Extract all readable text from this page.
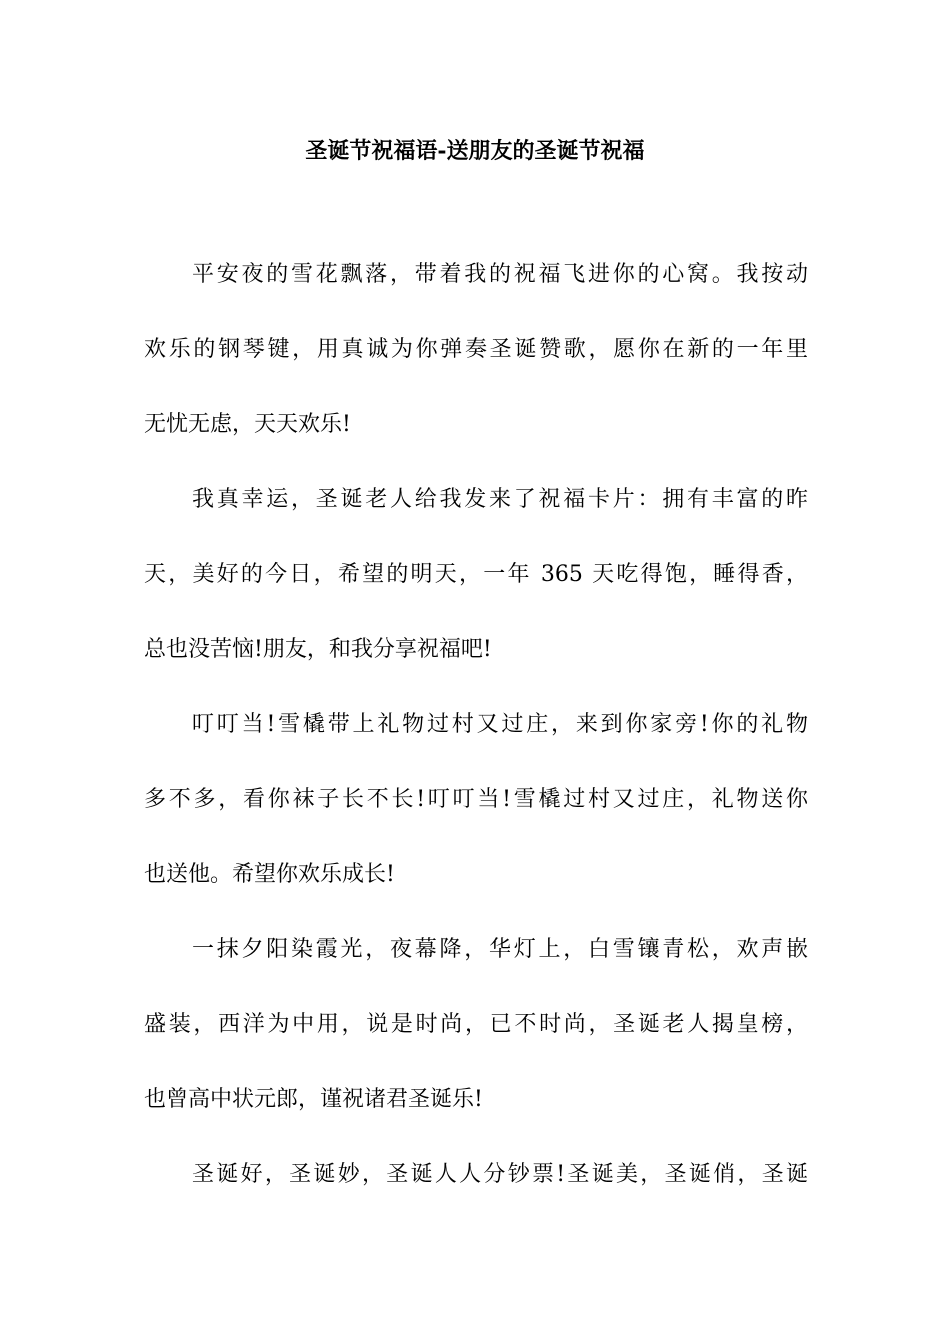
圣诞节祝福语-送朋友的圣诞节祝福
平安夜的雪花飘落，带着我的祝福飞进你的心窝。我按动
欢乐的钢琴键，用真诚为你弹奏圣诞赞歌，愿你在新的一年里
无忧无虑，天天欢乐!
我真幸运，圣诞老人给我发来了祝福卡片：拥有丰富的昨
天，美好的今日，希望的明天，一年 365 天吃得饱，睡得香，
总也没苦恼!朋友，和我分享祝福吧!
叮叮当!雪橇带上礼物过村又过庄，来到你家旁!你的礼物
多不多，看你袜子长不长!叮叮当!雪橇过村又过庄，礼物送你
也送他。希望你欢乐成长!
一抹夕阳染霞光，夜幕降，华灯上，白雪镶青松，欢声嵌
盛装，西洋为中用，说是时尚，已不时尚，圣诞老人揭皇榜，
也曾高中状元郎，谨祝诸君圣诞乐!
圣诞好，圣诞妙，圣诞人人分钞票!圣诞美，圣诞俏，圣诞
